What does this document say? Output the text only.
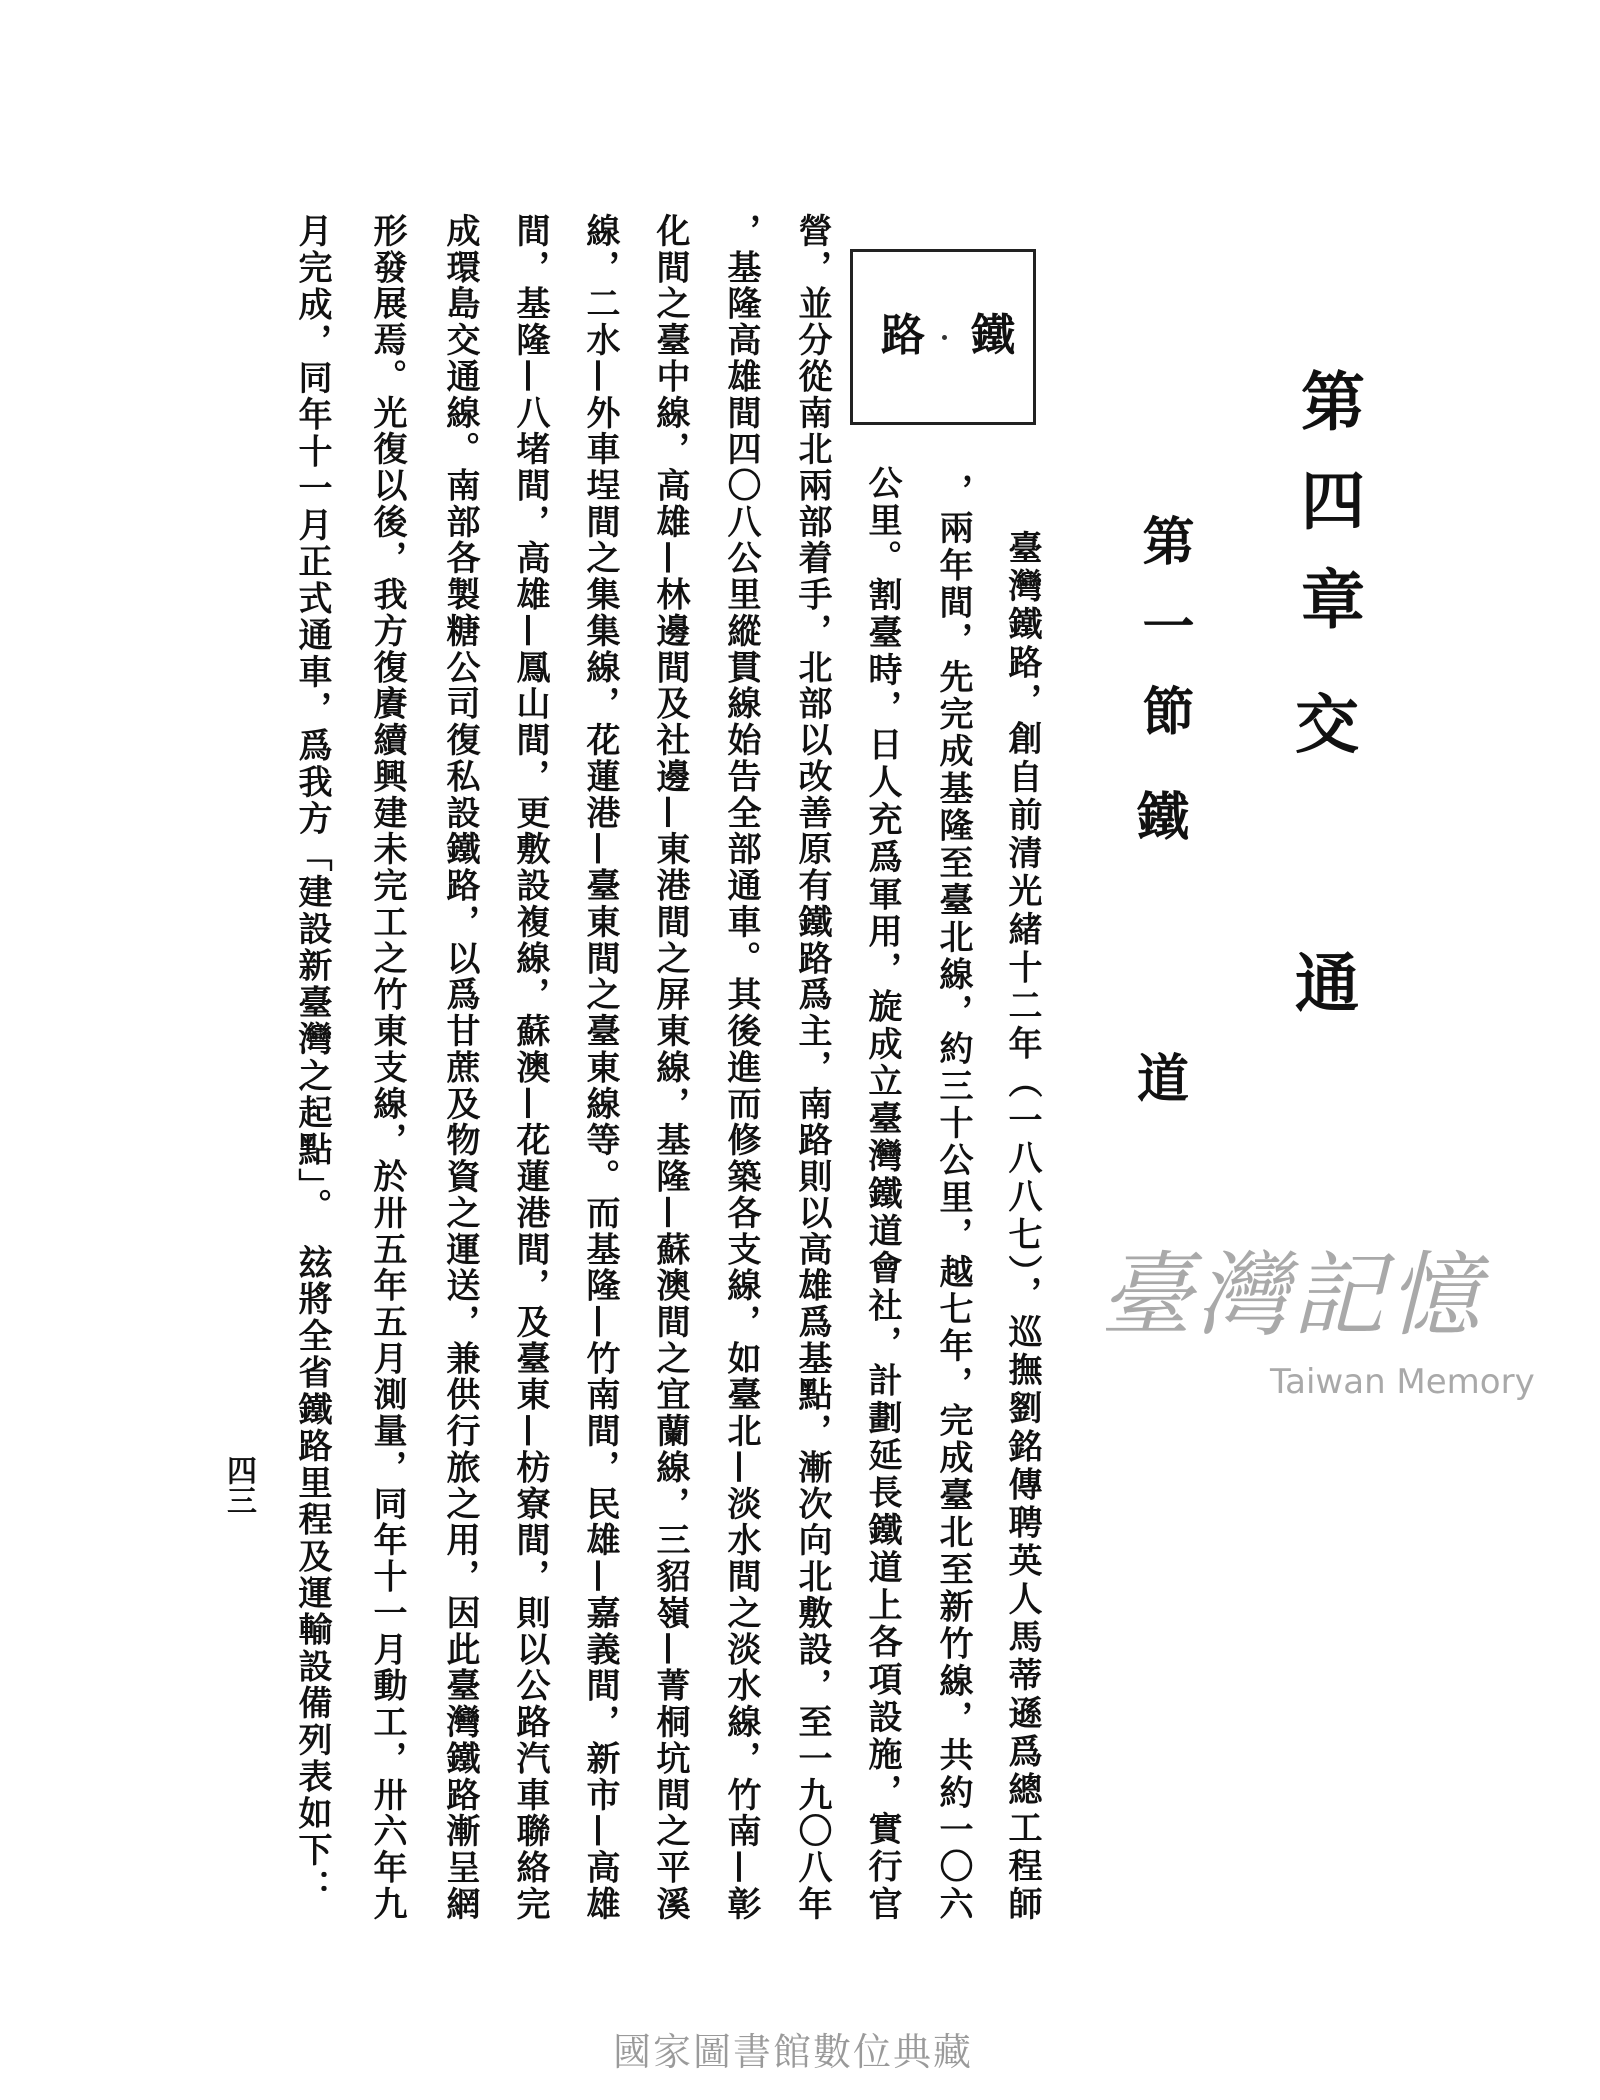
第四章
交
通
第一節
鐵
道
鐵
路
臺灣鐵路，創自前清光緒十二年（一八八七），巡撫劉銘傳聘英人馬蒂遜爲總工程師
，兩年間，先完成基隆至臺北線，約三十公里，越七年，完成臺北至新竹線，共約一〇六
公里。割臺時，日人充爲軍用，旋成立臺灣鐵道會社，計劃延長鐵道上各項設施，實行官
營，並分從南北兩部着手，北部以改善原有鐵路爲主，南路則以高雄爲基點，漸次向北敷設，至一九〇八年
，基隆高雄間四〇八公里縱貫線始告全部通車。其後進而修築各支線，如臺北—淡水間之淡水線，竹南—彰
化間之臺中線，高雄—林邊間及社邊—東港間之屏東線，基隆—蘇澳間之宜蘭線，三貂嶺—菁桐坑間之平溪
線，二水—外車埕間之集集線，花蓮港—臺東間之臺東線等。而基隆—竹南間，民雄—嘉義間，新市—高雄
間，基隆—八堵間，高雄—鳳山間，更敷設複線，蘇澳—花蓮港間，及臺東—枋寮間，則以公路汽車聯絡完
成環島交通線。南部各製糖公司復私設鐵路，以爲甘蔗及物資之運送，兼供行旅之用，因此臺灣鐵路漸呈網
形發展焉。光復以後，我方復賡續興建未完工之竹東支線，於卅五年五月測量，同年十一月動工，卅六年九
月完成，同年十一月正式通車，爲我方「建設新臺灣之起點」。　玆將全省鐵路里程及運輸設備列表如下：
四三
臺灣記憶
Taiwan Memory
國家圖書館數位典藏
